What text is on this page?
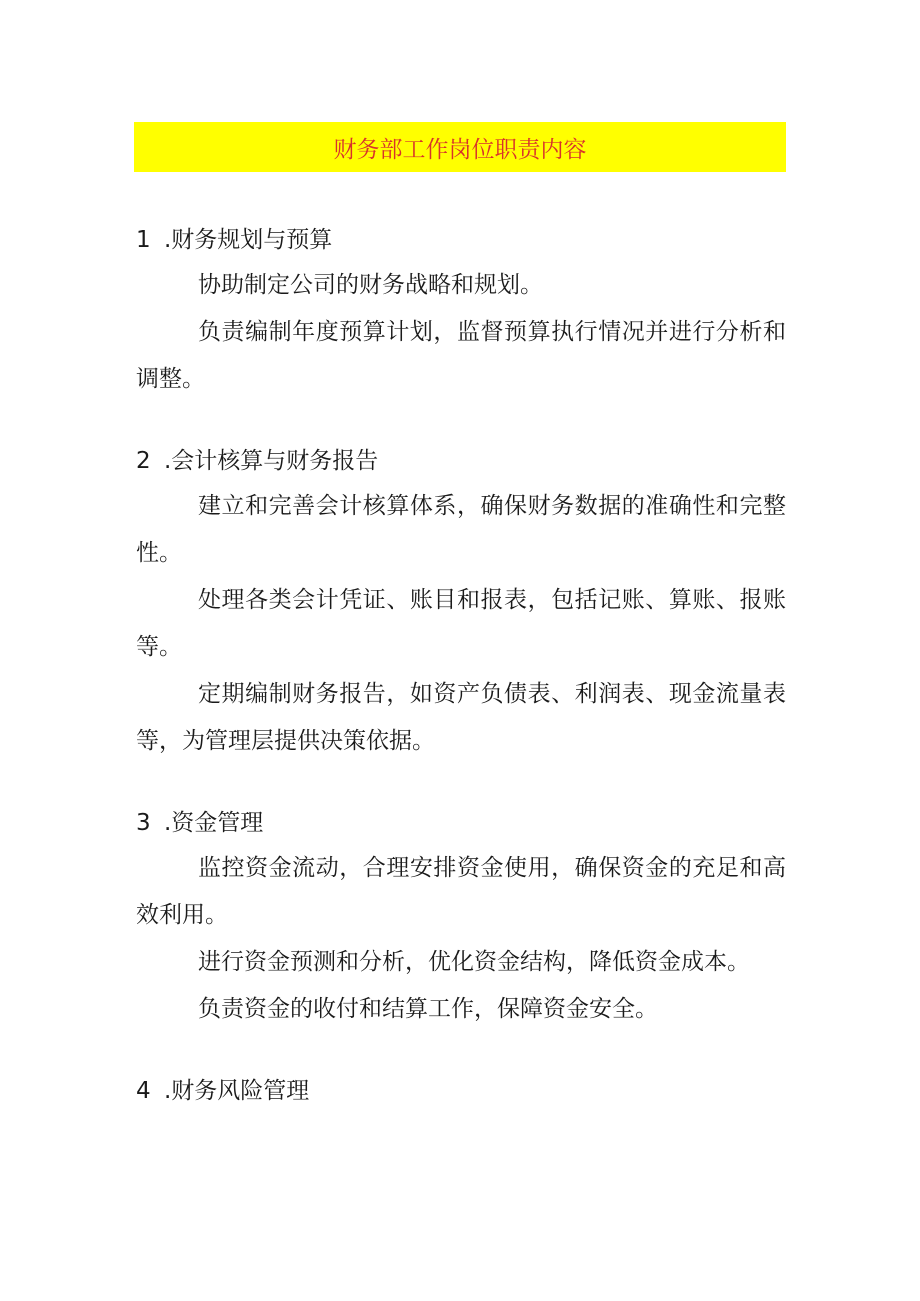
财务部工作岗位职责内容
1 .财务规划与预算

协助制定公司的财务战略和规划。

负责编制年度预算计划，监督预算执行情况并进行分析和调整。

2 .会计核算与财务报告

建立和完善会计核算体系，确保财务数据的准确性和完整性。

处理各类会计凭证、账目和报表，包括记账、算账、报账等。

定期编制财务报告，如资产负债表、利润表、现金流量表等，为管理层提供决策依据。

3 .资金管理

监控资金流动，合理安排资金使用，确保资金的充足和高效利用。

进行资金预测和分析，优化资金结构，降低资金成本。

负责资金的收付和结算工作，保障资金安全。

4 .财务风险管理
